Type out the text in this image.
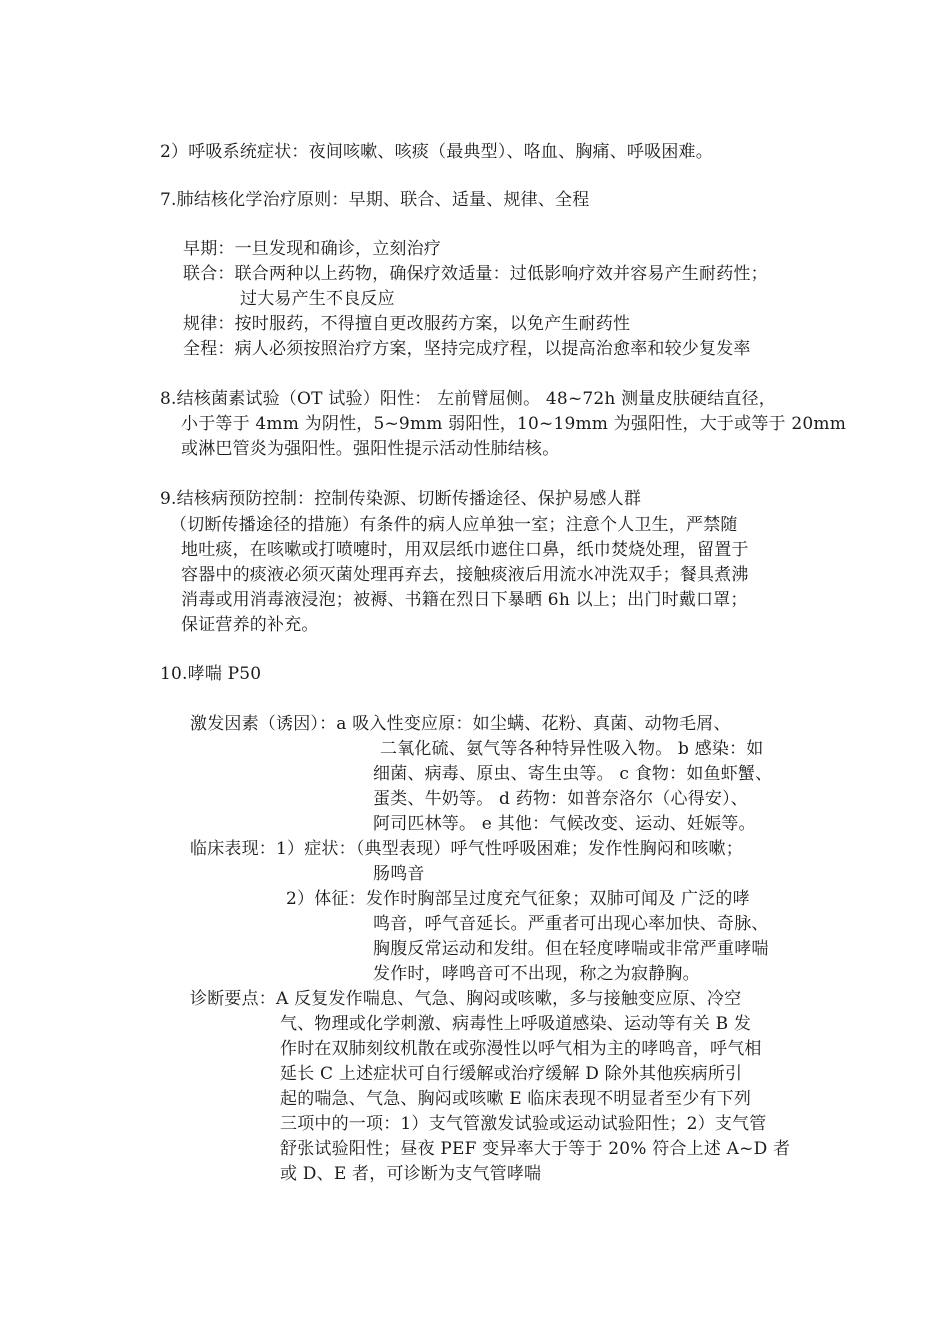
2）呼吸系统症状：夜间咳嗽、咳痰（最典型）、咯血、胸痛、呼吸困难。
7.肺结核化学治疗原则：早期、联合、适量、规律、全程
早期：一旦发现和确诊，立刻治疗
联合：联合两种以上药物，确保疗效适量：过低影响疗效并容易产生耐药性；
过大易产生不良反应
规律：按时服药，不得擅自更改服药方案，以免产生耐药性
全程：病人必须按照治疗方案，坚持完成疗程，以提高治愈率和较少复发率
8.结核菌素试验（OT 试验）阳性： 左前臂屈侧。 48~72h 测量皮肤硬结直径，
小于等于 4mm 为阴性，5~9mm 弱阳性，10~19mm 为强阳性，大于或等于 20mm
或淋巴管炎为强阳性。强阳性提示活动性肺结核。
9.结核病预防控制：控制传染源、切断传播途径、保护易感人群
（切断传播途径的措施）有条件的病人应单独一室；注意个人卫生，严禁随
地吐痰，在咳嗽或打喷嚏时，用双层纸巾遮住口鼻，纸巾焚烧处理，留置于
容器中的痰液必须灭菌处理再弃去，接触痰液后用流水冲洗双手；餐具煮沸
消毒或用消毒液浸泡；被褥、书籍在烈日下暴晒 6h 以上；出门时戴口罩；
保证营养的补充。
10.哮喘 P50
激发因素（诱因）：a 吸入性变应原：如尘螨、花粉、真菌、动物毛屑、
二氧化硫、氨气等各种特异性吸入物。 b 感染：如
细菌、病毒、原虫、寄生虫等。 c 食物：如鱼虾蟹、
蛋类、牛奶等。 d 药物：如普奈洛尔（心得安）、
阿司匹林等。 e 其他：气候改变、运动、妊娠等。
临床表现：1）症状：（典型表现）呼气性呼吸困难；发作性胸闷和咳嗽；
肠鸣音
2）体征：发作时胸部呈过度充气征象；双肺可闻及 广泛的哮
鸣音，呼气音延长。严重者可出现心率加快、奇脉、
胸腹反常运动和发绀。但在轻度哮喘或非常严重哮喘
发作时，哮鸣音可不出现，称之为寂静胸。
诊断要点：A 反复发作喘息、气急、胸闷或咳嗽，多与接触变应原、冷空
气、物理或化学刺激、病毒性上呼吸道感染、运动等有关 B 发
作时在双肺刻纹机散在或弥漫性以呼气相为主的哮鸣音，呼气相
延长 C 上述症状可自行缓解或治疗缓解 D 除外其他疾病所引
起的喘急、气急、胸闷或咳嗽 E 临床表现不明显者至少有下列
三项中的一项：1）支气管激发试验或运动试验阳性；2）支气管
舒张试验阳性；昼夜 PEF 变异率大于等于 20% 符合上述 A~D 者
或 D、E 者，可诊断为支气管哮喘
